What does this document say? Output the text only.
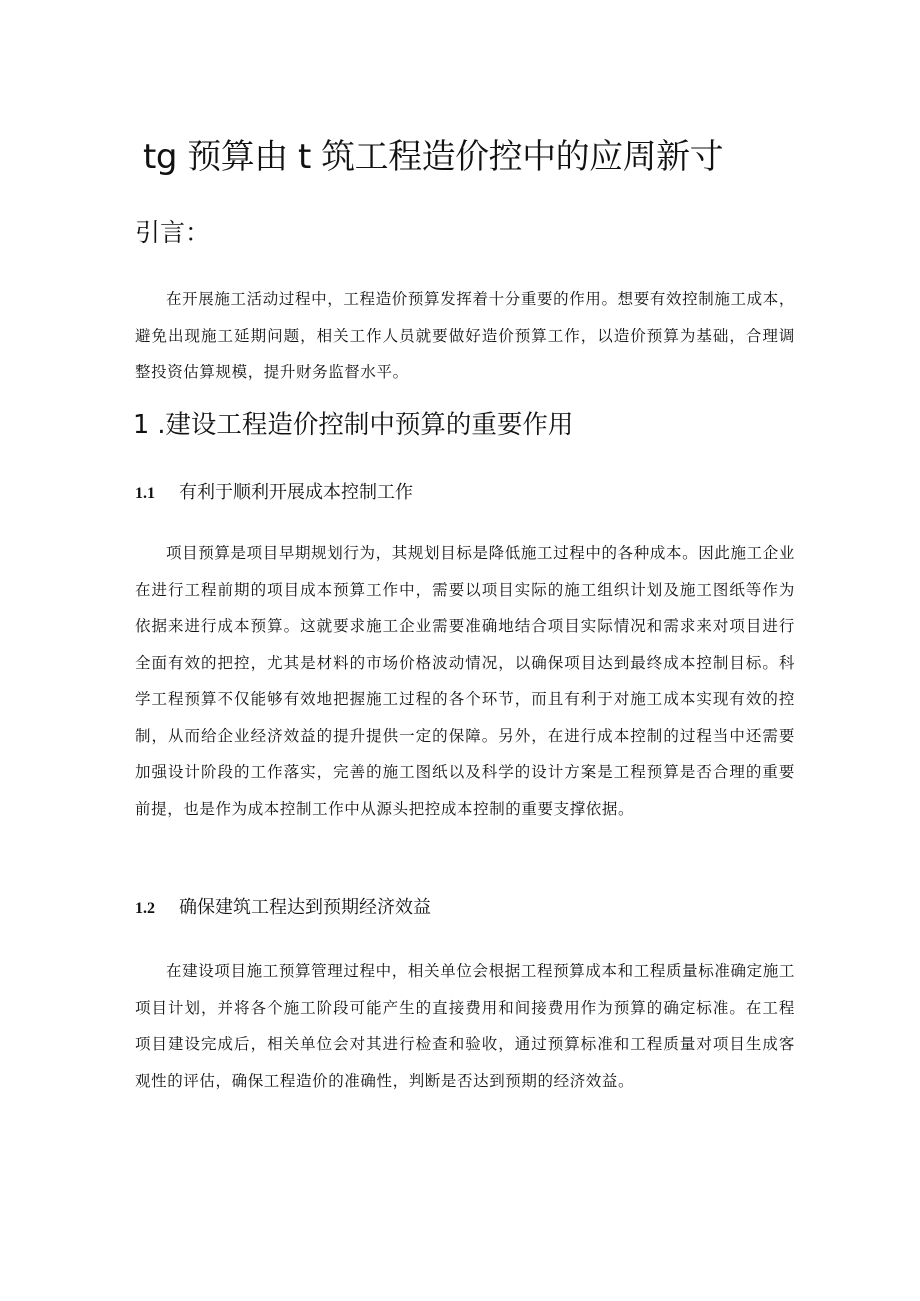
tg 预算由 t 筑工程造价控中的应周新寸
引言：

在开展施工活动过程中，工程造价预算发挥着十分重要的作用。想要有效控制施工成本，避免出现施工延期问题，相关工作人员就要做好造价预算工作，以造价预算为基础，合理调整投资估算规模，提升财务监督水平。

1 .建设工程造价控制中预算的重要作用
1.1 有利于顺利开展成本控制工作

项目预算是项目早期规划行为，其规划目标是降低施工过程中的各种成本。因此施工企业在进行工程前期的项目成本预算工作中，需要以项目实际的施工组织计划及施工图纸等作为依据来进行成本预算。这就要求施工企业需要准确地结合项目实际情况和需求来对项目进行全面有效的把控，尤其是材料的市场价格波动情况，以确保项目达到最终成本控制目标。科学工程预算不仅能够有效地把握施工过程的各个环节，而且有利于对施工成本实现有效的控制，从而给企业经济效益的提升提供一定的保障。另外，在进行成本控制的过程当中还需要加强设计阶段的工作落实，完善的施工图纸以及科学的设计方案是工程预算是否合理的重要前提，也是作为成本控制工作中从源头把控成本控制的重要支撑依据。

1.2 确保建筑工程达到预期经济效益

在建设项目施工预算管理过程中，相关单位会根据工程预算成本和工程质量标准确定施工项目计划，并将各个施工阶段可能产生的直接费用和间接费用作为预算的确定标准。在工程项目建设完成后，相关单位会对其进行检查和验收，通过预算标准和工程质量对项目生成客观性的评估，确保工程造价的准确性，判断是否达到预期的经济效益。
